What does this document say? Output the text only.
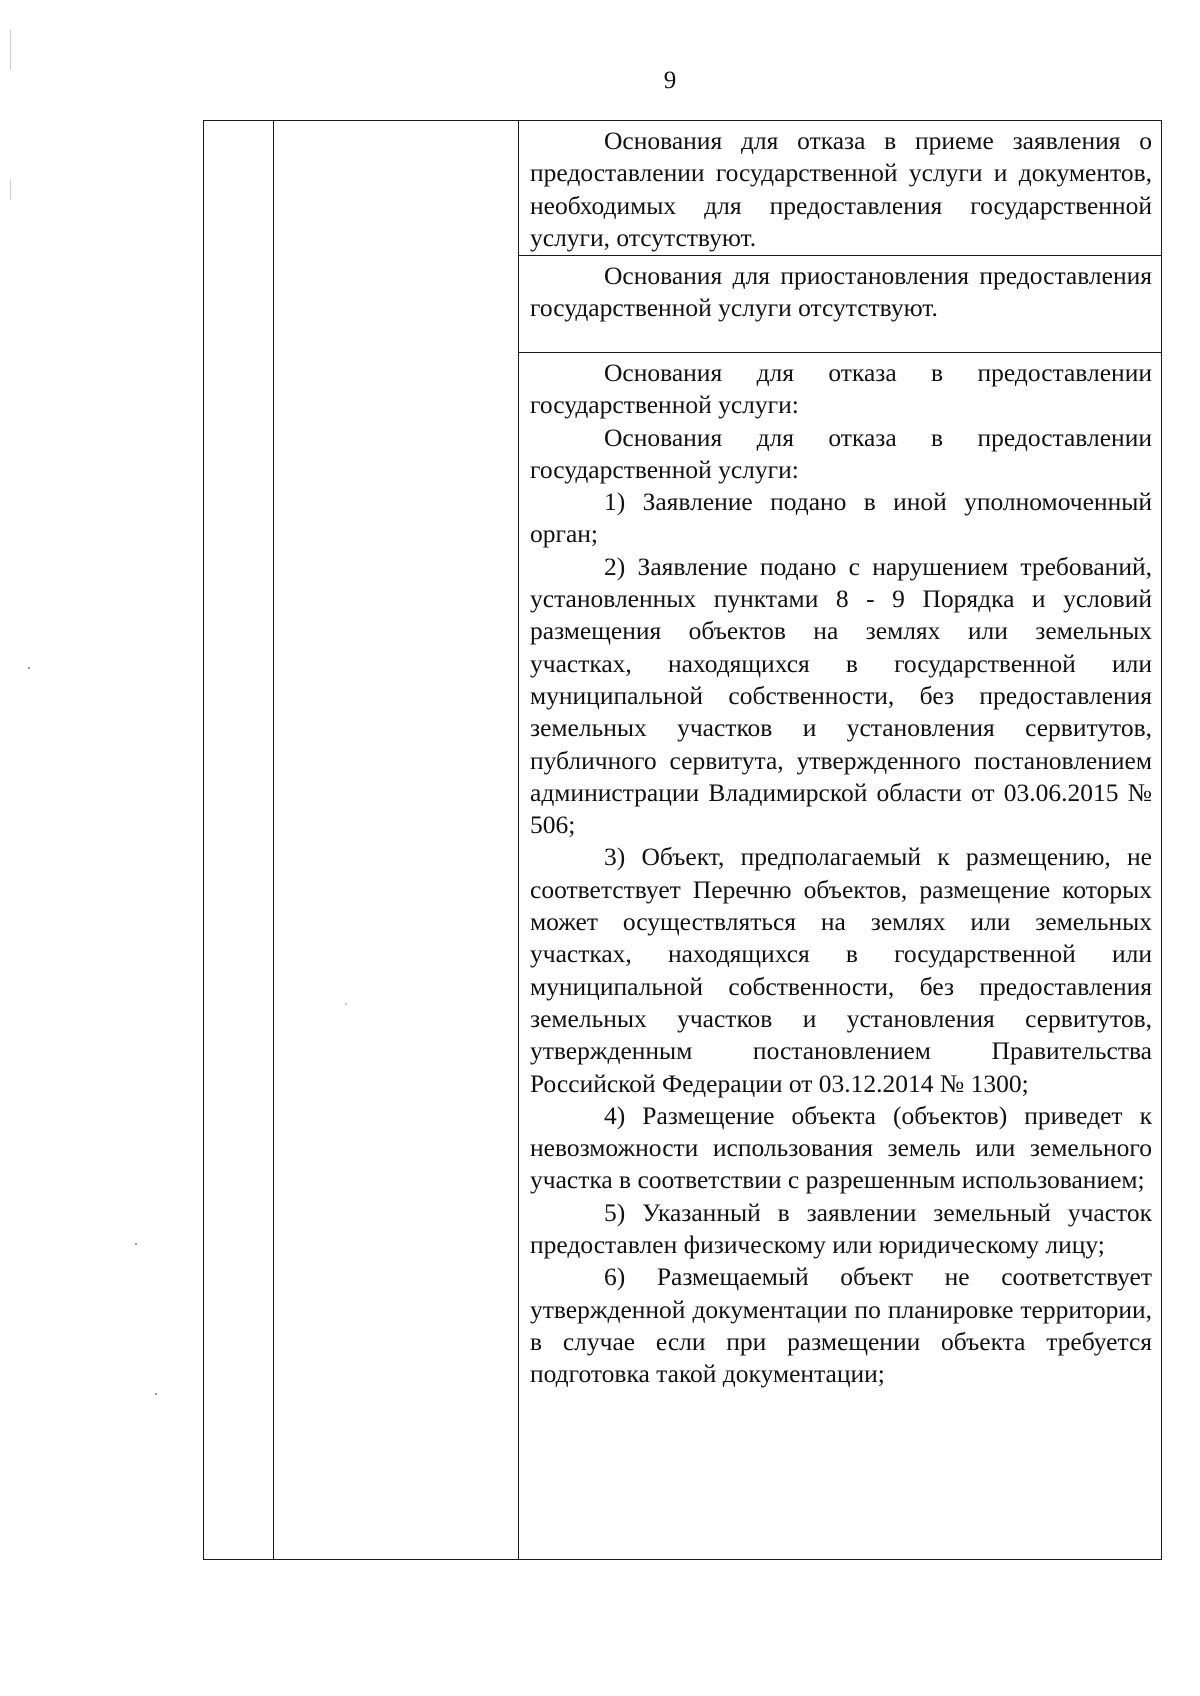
9

Основания для отказа в приеме заявления о предоставлении государственной услуги и документов, необходимых для предоставления государственной услуги, отсутствуют.

Основания для приостановления предоставления государственной услуги отсутствуют.

Основания для отказа в предоставлении государственной услуги:

Основания для отказа в предоставлении государственной услуги:

1) Заявление подано в иной уполномоченный орган;

2) Заявление подано с нарушением требований, установленных пунктами 8 - 9 Порядка и условий размещения объектов на землях или земельных участках, находящихся в государственной или муниципальной собственности, без предоставления земельных участков и установления сервитутов, публичного сервитута, утвержденного постановлением администрации Владимирской области от 03.06.2015 № 506;

3) Объект, предполагаемый к размещению, не соответствует Перечню объектов, размещение которых может осуществляться на землях или земельных участках, находящихся в государственной или муниципальной собственности, без предоставления земельных участков и установления сервитутов, утвержденным постановлением Правительства Российской Федерации от 03.12.2014 № 1300;

4) Размещение объекта (объектов) приведет к невозможности использования земель или земельного участка в соответствии с разрешенным использованием;

5) Указанный в заявлении земельный участок предоставлен физическому или юридическому лицу;

6) Размещаемый объект не соответствует утвержденной документации по планировке территории, в случае если при размещении объекта требуется подготовка такой документации;
